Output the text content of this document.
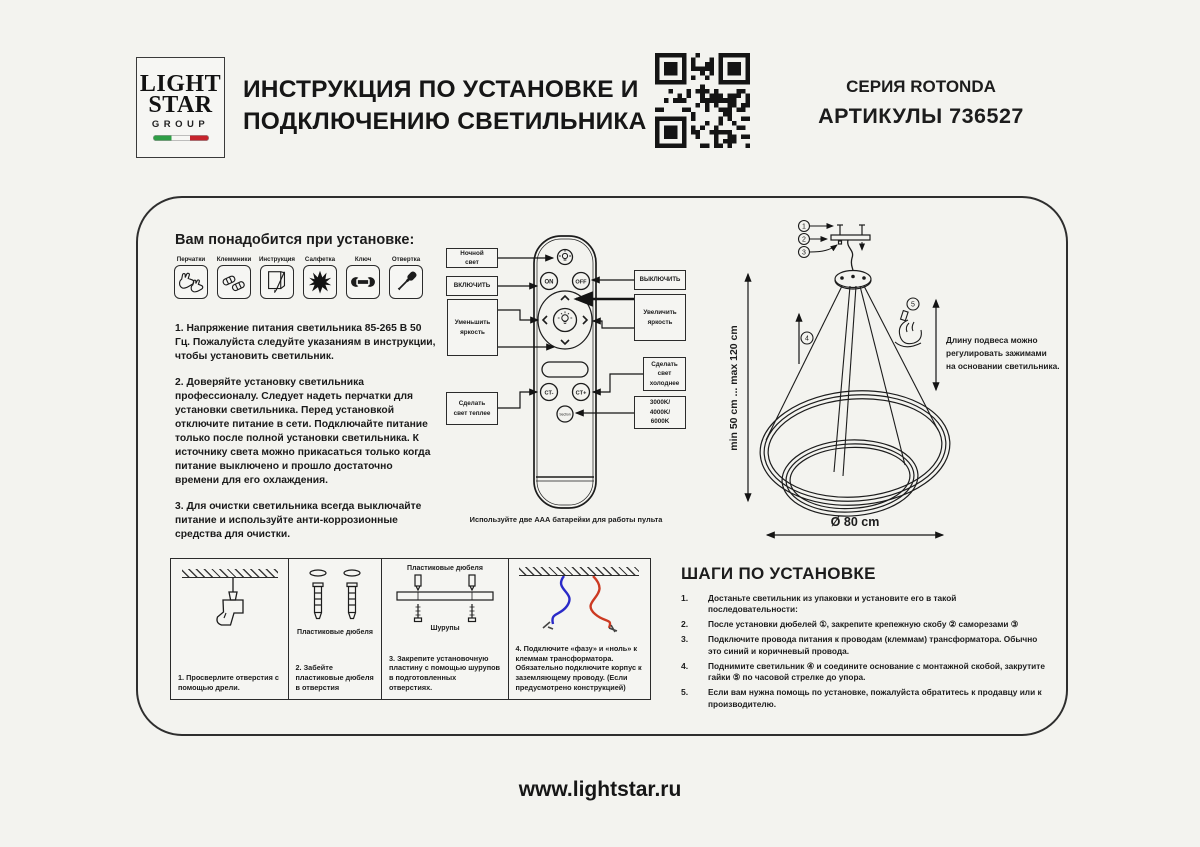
LIGHT
STAR
GROUP
ИНСТРУКЦИЯ ПО УСТАНОВКЕ И
ПОДКЛЮЧЕНИЮ СВЕТИЛЬНИКА
СЕРИЯ ROTONDA
АРТИКУЛЫ 736527
Вам понадобится при установке:
Перчатки Клеммники Инструкция Салфетка	Ключ	Отвертка

1. Напряжение питания светильника 85-265 В 50 Гц. Пожалуйста следуйте указаниям в инструкции, чтобы установить светильник.

2. Доверяйте установку светильника профессионалу. Следует надеть перчатки для установки светильника. Перед установкой отключите питание в сети. Подключайте питание только после полной установки светильника. К источнику света можно прикасаться только когда питание выключено и прошло достаточно времени для его охлаждения.

3. Для очистки светильника всегда выключайте питание и используйте анти-коррозионные средства для очистки.

ON	OFF
CT-	CT+
Section
Ночной свет
ВКЛЮЧИТЬ
Уменьшить яркость
Сделать свет теплее
ВЫКЛЮЧИТЬ
Увеличить яркость
Сделать свет холоднее
3000K/
4000K/
6000K
Используйте две ААА батарейки для работы пульта
1
2
3
4
5
Длину подвеса можно
регулировать зажимами
на основании светильника.
min 50 cm ... max 120 cm
Ø 80 cm
1. Просверлите отверстия с помощью дрели.
Пластиковые дюбеля
2. Забейте пластиковые дюбеля в отверстия
Пластиковые дюбеля
Шурупы
3. Закрепите установочную пластину с помощью шурупов в подготовленных отверстиях.
4. Подключите «фазу» и «ноль» к клеммам трансформатора. Обязательно подключите корпус к заземляющему проводу. (Если предусмотрено конструкцией)
ШАГИ ПО УСТАНОВКЕ
1.	Достаньте светильник из упаковки и установите его в такой последовательности:
2.	После установки дюбелей ①, закрепите крепежную скобу ② саморезами ③
3.	Подключите провода питания к проводам (клеммам) трансформатора. Обычно это синий и коричневый провода.
4.	Поднимите светильник ④ и соедините основание с монтажной скобой, закрутите гайки ⑤ по часовой стрелке до упора.
5.	Если вам нужна помощь по установке, пожалуйста обратитесь к продавцу или к производителю.
www.lightstar.ru
